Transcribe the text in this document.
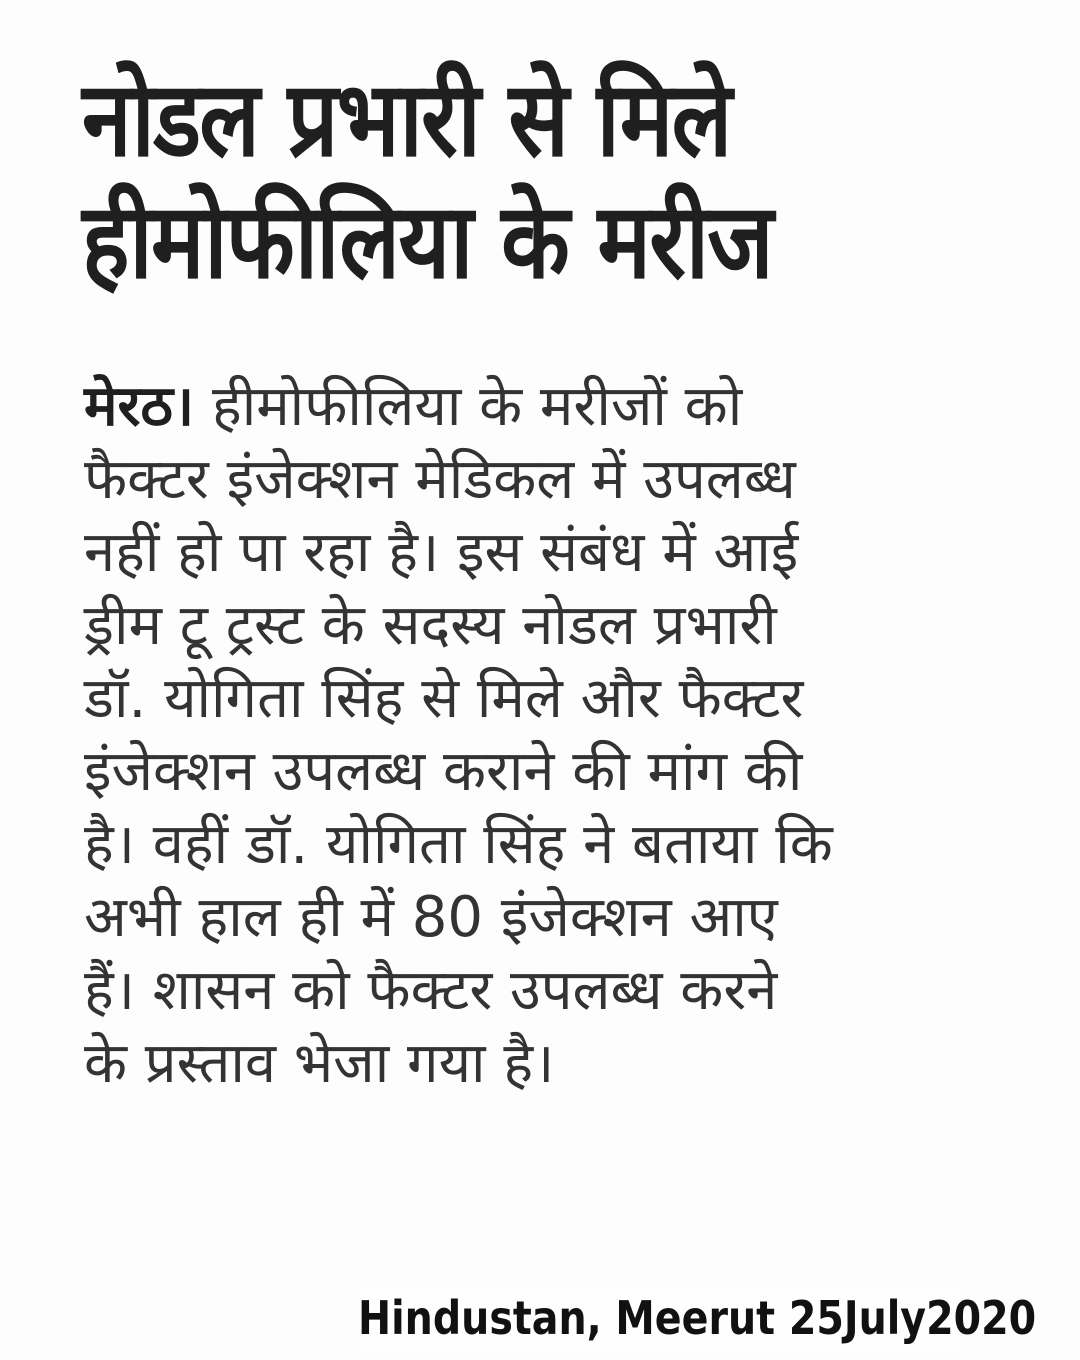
नोडल प्रभारी से मिले
हीमोफीलिया के मरीज
मेरठ। हीमोफीलिया के मरीजों को
फैक्टर इंजेक्शन मेडिकल में उपलब्ध
नहीं हो पा रहा है। इस संबंध में आई
ड्रीम टू ट्रस्ट के सदस्य नोडल प्रभारी
डॉ. योगिता सिंह से मिले और फैक्टर
इंजेक्शन उपलब्ध कराने की मांग की
है। वहीं डॉ. योगिता सिंह ने बताया कि
अभी हाल ही में 80 इंजेक्शन आए
हैं। शासन को फैक्टर उपलब्ध करने
के प्रस्ताव भेजा गया है।
Hindustan, Meerut 25July2020
